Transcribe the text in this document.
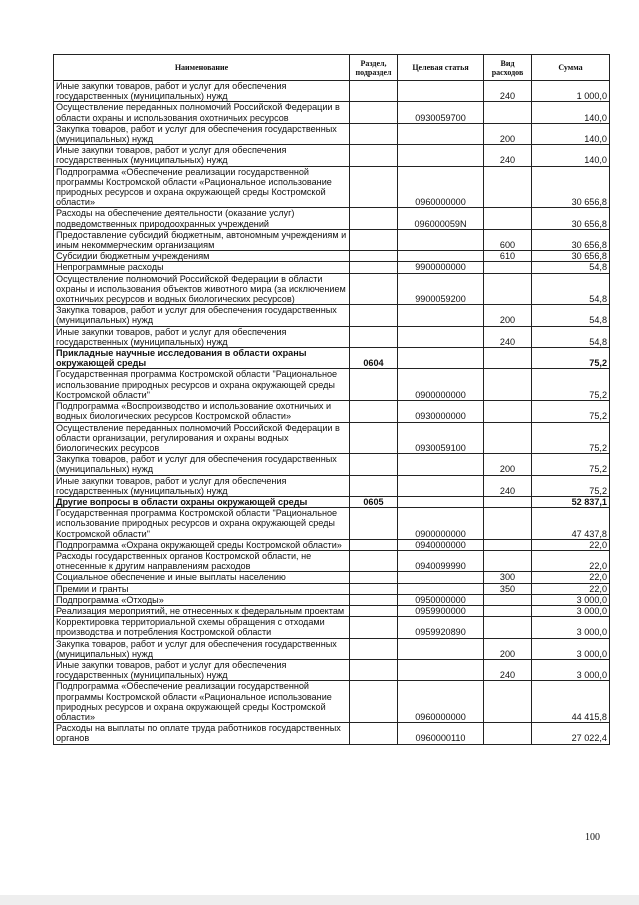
Наименование	Раздел, подраздел	Целевая статья	Вид расходов	Сумма
Иные закупки товаров, работ и услуг для обеспечения государственных (муниципальных) нужд			240	1 000,0
Осуществление переданных полномочий Российской Федерации в области охраны и использования охотничьих ресурсов		0930059700		140,0
Закупка товаров, работ и услуг для обеспечения государственных (муниципальных) нужд			200	140,0
Иные закупки товаров, работ и услуг для обеспечения государственных (муниципальных) нужд			240	140,0
Подпрограмма «Обеспечение реализации государственной программы Костромской области «Рациональное использование природных ресурсов и охрана окружающей среды Костромской области»		0960000000		30 656,8
Расходы на обеспечение деятельности (оказание услуг) подведомственных природоохранных учреждений		096000059N		30 656,8
Предоставление субсидий бюджетным, автономным учреждениям и иным некоммерческим организациям			600	30 656,8
Субсидии бюджетным учреждениям			610	30 656,8
Непрограммные расходы		9900000000		54,8
Осуществление полномочий Российской Федерации в области охраны и использования объектов животного мира (за исключением охотничьих ресурсов и водных биологических ресурсов)		9900059200		54,8
Закупка товаров, работ и услуг для обеспечения государственных (муниципальных) нужд			200	54,8
Иные закупки товаров, работ и услуг для обеспечения государственных (муниципальных) нужд			240	54,8
Прикладные научные исследования в области охраны окружающей среды	0604			75,2
Государственная программа Костромской области "Рациональное использование природных ресурсов и охрана окружающей среды Костромской области"		0900000000		75,2
Подпрограмма «Воспроизводство и использование охотничьих и водных биологических ресурсов Костромской области»		0930000000		75,2
Осуществление переданных полномочий Российской Федерации в области организации, регулирования и охраны водных биологических ресурсов		0930059100		75,2
Закупка товаров, работ и услуг для обеспечения государственных (муниципальных) нужд			200	75,2
Иные закупки товаров, работ и услуг для обеспечения государственных (муниципальных) нужд			240	75,2
Другие вопросы в области охраны окружающей среды	0605			52 837,1
Государственная программа Костромской области "Рациональное использование природных ресурсов и охрана окружающей среды Костромской области"		0900000000		47 437,8
Подпрограмма «Охрана окружающей среды Костромской области»		0940000000		22,0
Расходы государственных органов Костромской области, не отнесенные к другим направлениям расходов		0940099990		22,0
Социальное обеспечение и иные выплаты населению			300	22,0
Премии и гранты			350	22,0
Подпрограмма «Отходы»		0950000000		3 000,0
Реализация мероприятий, не отнесенных к федеральным проектам		0959900000		3 000,0
Корректировка территориальной схемы обращения с отходами производства и потребления Костромской области		0959920890		3 000,0
Закупка товаров, работ и услуг для обеспечения государственных (муниципальных) нужд			200	3 000,0
Иные закупки товаров, работ и услуг для обеспечения государственных (муниципальных) нужд			240	3 000,0
Подпрограмма «Обеспечение реализации государственной программы Костромской области «Рациональное использование природных ресурсов и охрана окружающей среды Костромской области»		0960000000		44 415,8
Расходы на выплаты по оплате труда работников государственных органов		0960000110		27 022,4
100
